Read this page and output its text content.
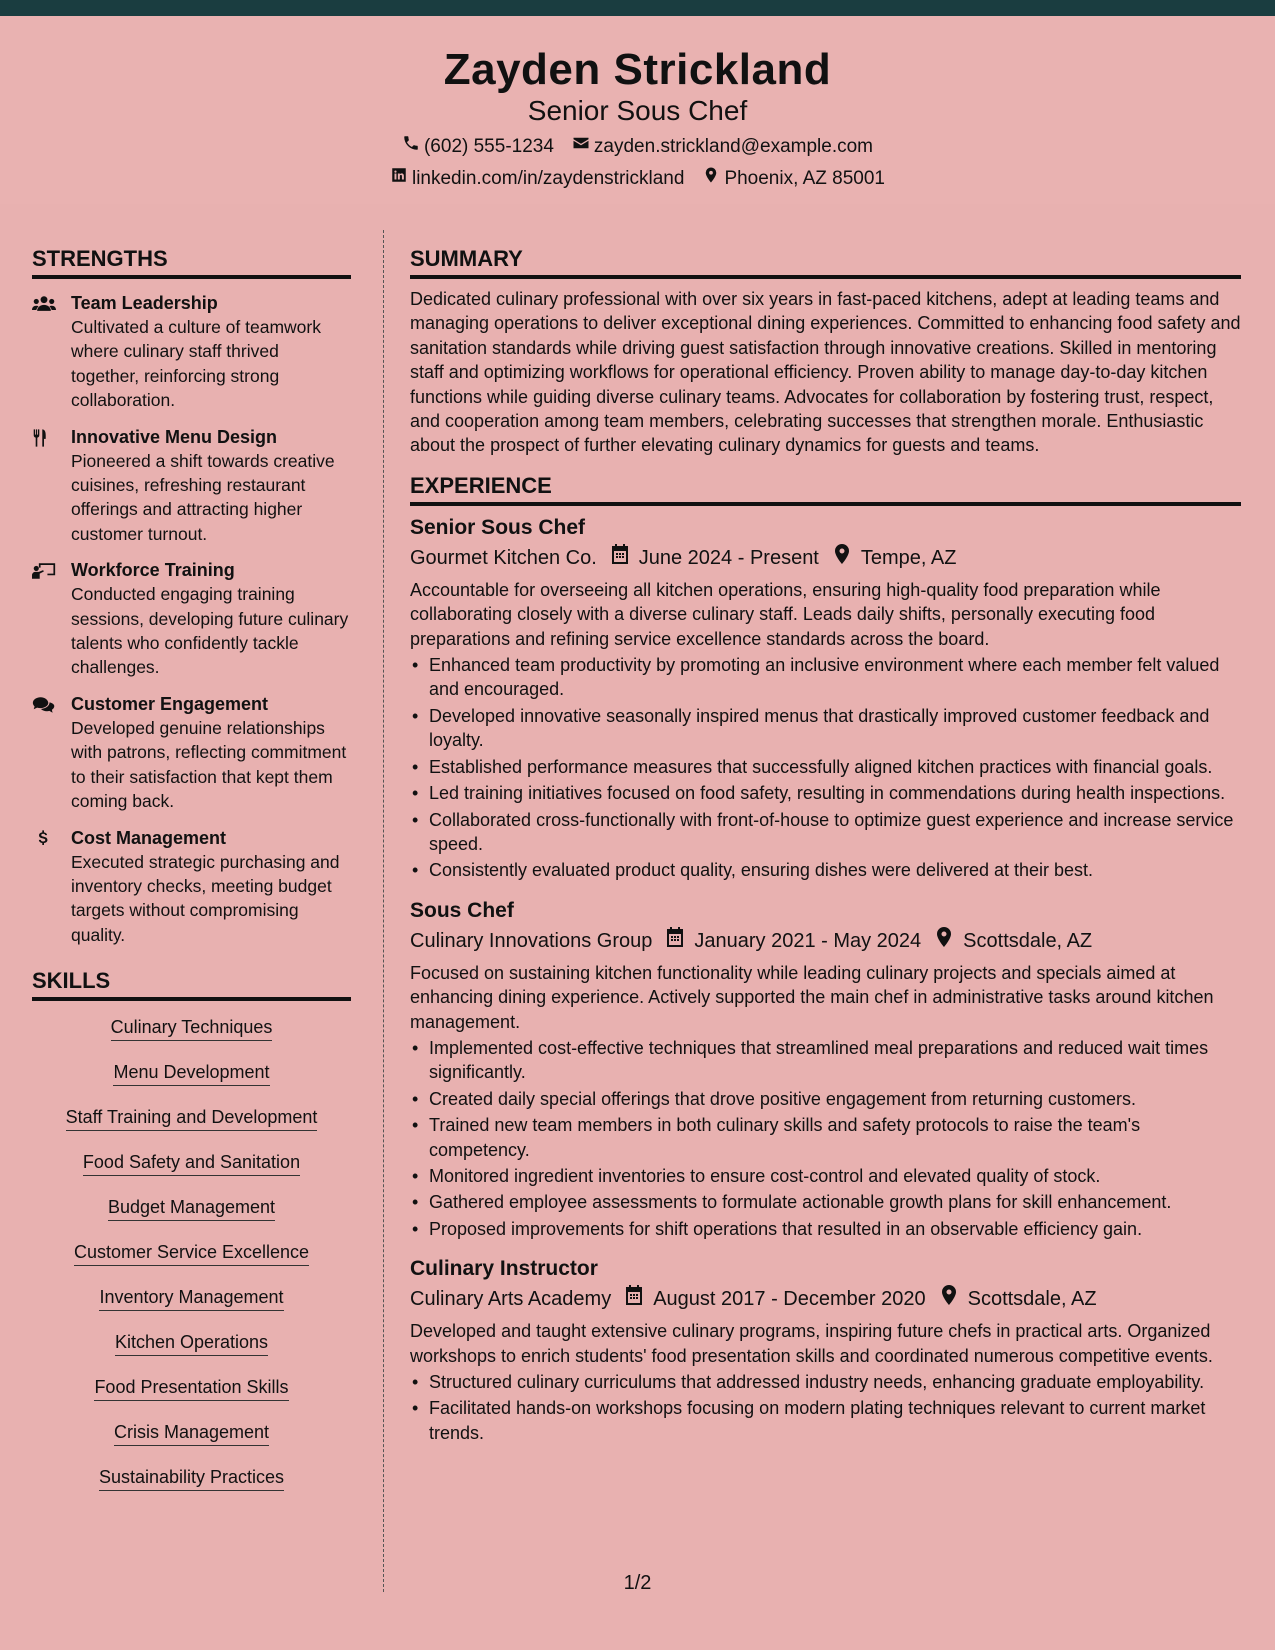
Zayden Strickland
Senior Sous Chef
(602) 555-1234 zayden.strickland@example.com
linkedin.com/in/zaydenstrickland Phoenix, AZ 85001
STRENGTHS
Team Leadership
Cultivated a culture of teamwork where culinary staff thrived together, reinforcing strong collaboration.
Innovative Menu Design
Pioneered a shift towards creative cuisines, refreshing restaurant offerings and attracting higher customer turnout.
Workforce Training
Conducted engaging training sessions, developing future culinary talents who confidently tackle challenges.
Customer Engagement
Developed genuine relationships with patrons, reflecting commitment to their satisfaction that kept them coming back.
Cost Management
Executed strategic purchasing and inventory checks, meeting budget targets without compromising quality.
SKILLS
Culinary Techniques
Menu Development
Staff Training and Development
Food Safety and Sanitation
Budget Management
Customer Service Excellence
Inventory Management
Kitchen Operations
Food Presentation Skills
Crisis Management
Sustainability Practices
SUMMARY
Dedicated culinary professional with over six years in fast-paced kitchens, adept at leading teams and managing operations to deliver exceptional dining experiences. Committed to enhancing food safety and sanitation standards while driving guest satisfaction through innovative creations. Skilled in mentoring staff and optimizing workflows for operational efficiency. Proven ability to manage day-to-day kitchen functions while guiding diverse culinary teams. Advocates for collaboration by fostering trust, respect, and cooperation among team members, celebrating successes that strengthen morale. Enthusiastic about the prospect of further elevating culinary dynamics for guests and teams.
EXPERIENCE
Senior Sous Chef
Gourmet Kitchen Co. June 2024 - Present Tempe, AZ
Accountable for overseeing all kitchen operations, ensuring high-quality food preparation while collaborating closely with a diverse culinary staff. Leads daily shifts, personally executing food preparations and refining service excellence standards across the board.
• Enhanced team productivity by promoting an inclusive environment where each member felt valued and encouraged.
• Developed innovative seasonally inspired menus that drastically improved customer feedback and loyalty.
• Established performance measures that successfully aligned kitchen practices with financial goals.
• Led training initiatives focused on food safety, resulting in commendations during health inspections.
• Collaborated cross-functionally with front-of-house to optimize guest experience and increase service speed.
• Consistently evaluated product quality, ensuring dishes were delivered at their best.
Sous Chef
Culinary Innovations Group January 2021 - May 2024 Scottsdale, AZ
Focused on sustaining kitchen functionality while leading culinary projects and specials aimed at enhancing dining experience. Actively supported the main chef in administrative tasks around kitchen management.
• Implemented cost-effective techniques that streamlined meal preparations and reduced wait times significantly.
• Created daily special offerings that drove positive engagement from returning customers.
• Trained new team members in both culinary skills and safety protocols to raise the team's competency.
• Monitored ingredient inventories to ensure cost-control and elevated quality of stock.
• Gathered employee assessments to formulate actionable growth plans for skill enhancement.
• Proposed improvements for shift operations that resulted in an observable efficiency gain.
Culinary Instructor
Culinary Arts Academy August 2017 - December 2020 Scottsdale, AZ
Developed and taught extensive culinary programs, inspiring future chefs in practical arts. Organized workshops to enrich students' food presentation skills and coordinated numerous competitive events.
• Structured culinary curriculums that addressed industry needs, enhancing graduate employability.
• Facilitated hands-on workshops focusing on modern plating techniques relevant to current market trends.
1/2
